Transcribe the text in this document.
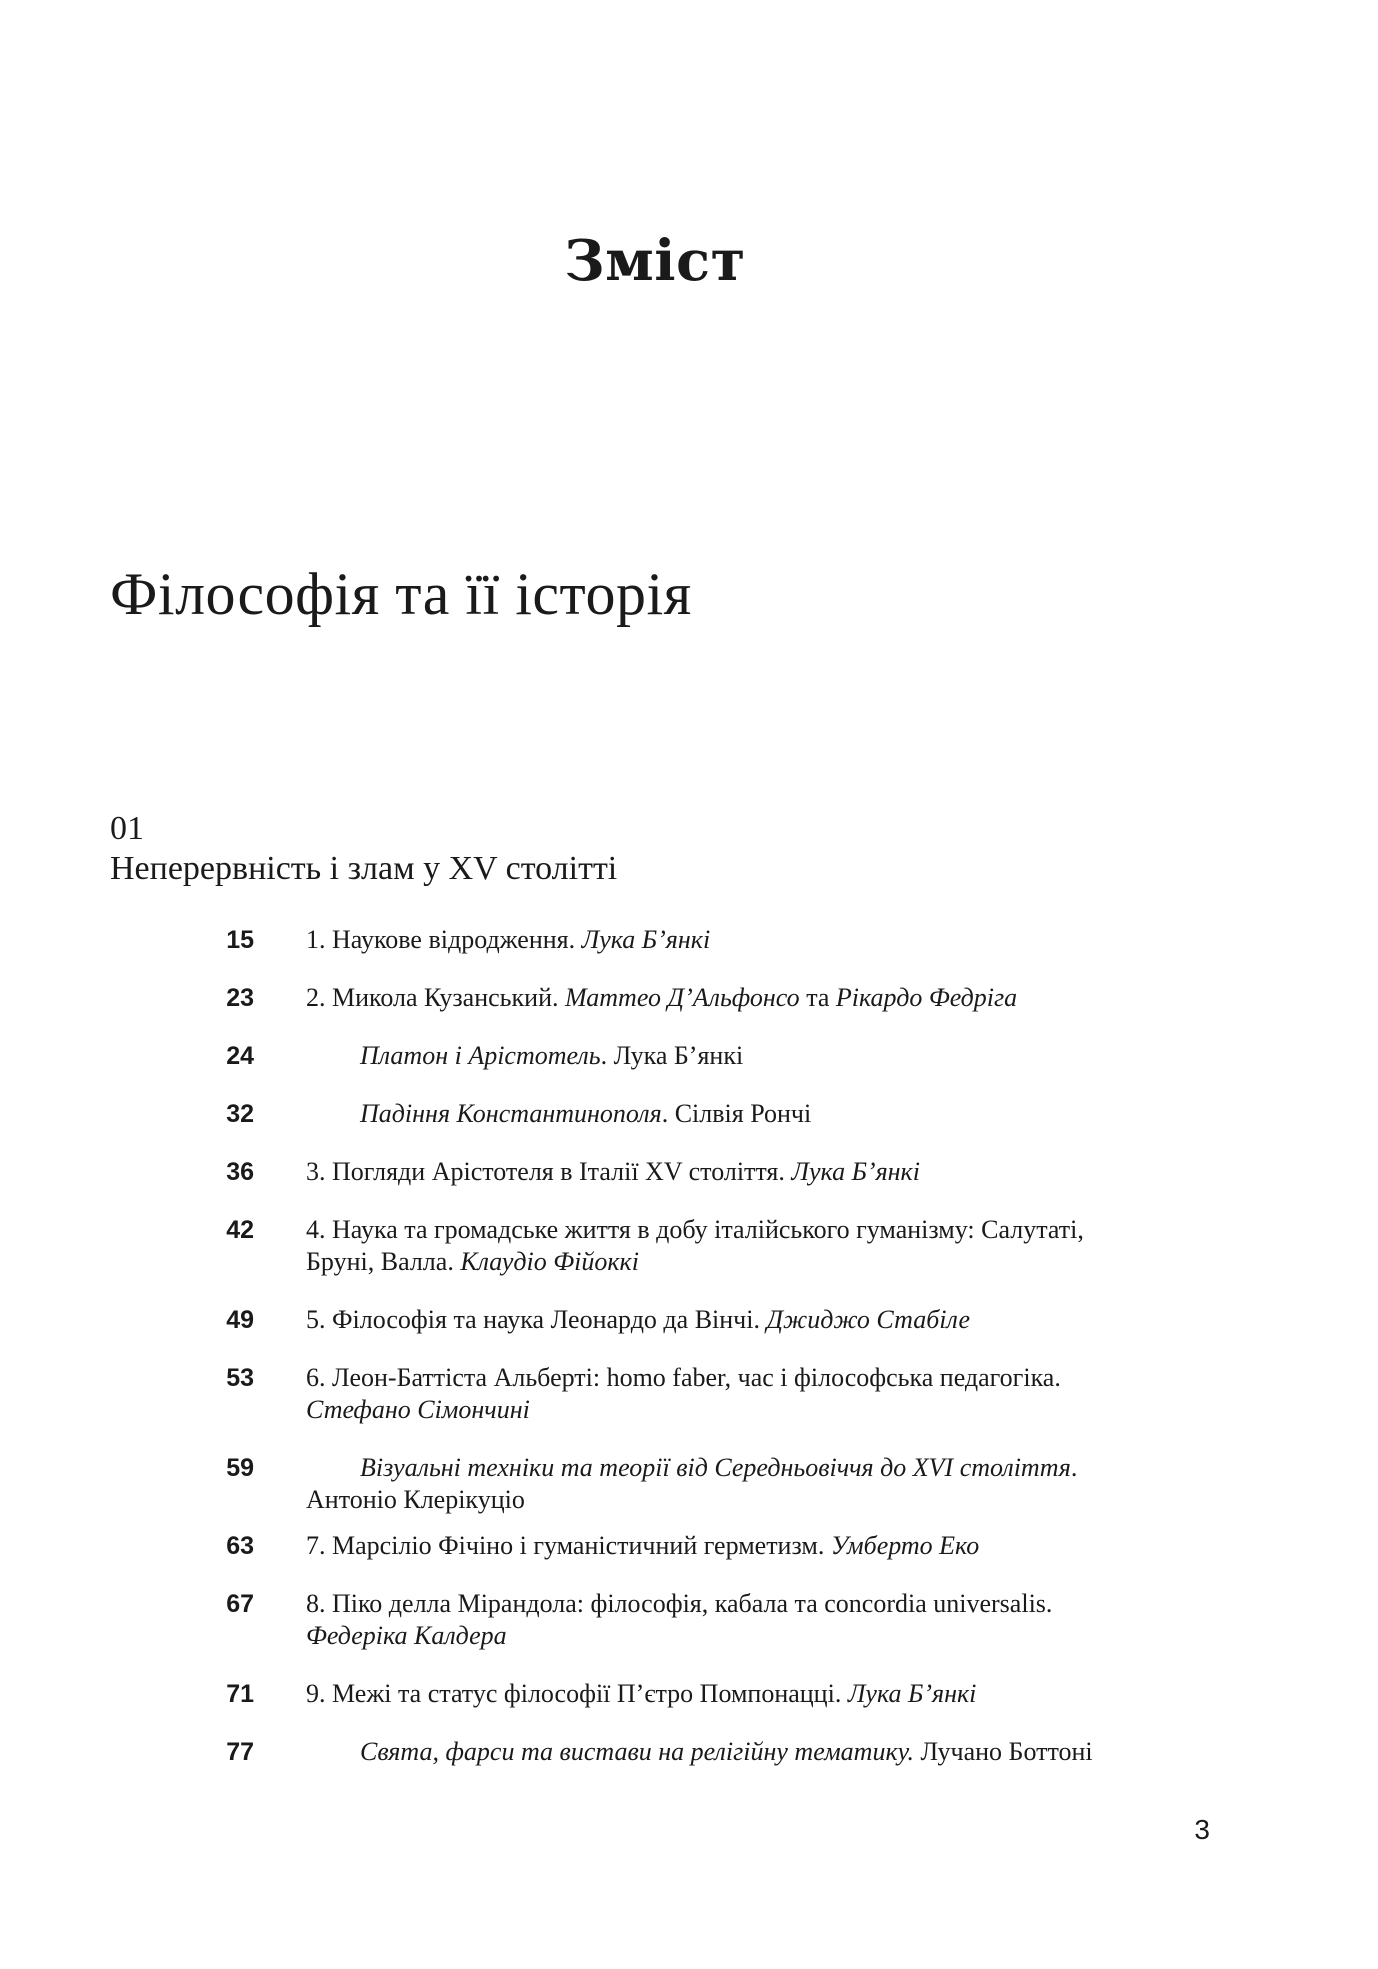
Зміст
Філософія та її історія
01
Неперервність і злам у XV столітті
15 1. Наукове відродження. Лука Б’янкі
23 2. Микола Кузанський. Маттео Д’Альфонсо та Рікардо Федріга
24	Платон і Арістотель. Лука Б’янкі
32	Падіння Константинополя. Сілвія Рончі
36 3. Погляди Арістотеля в Італії XV століття. Лука Б’янкі
42 4. Наука та громадське життя в добу італійського гуманізму: Салутаті,
Бруні, Валла. Клаудіо Фійоккі
49 5. Філософія та наука Леонардо да Вінчі. Джиджо Стабіле
53 6. Леон-Баттіста Альберті: homo faber, час і філософська педагогіка.
Стефано Сімончині
59	Візуальні техніки та теорії від Середньовіччя до XVI століття.
Антоніо Клерікуціо
63 7. Марсіліо Фічіно і гуманістичний герметизм. Умберто Еко
67 8. Піко делла Мірандола: філософія, кабала та concordia universalis.
Федеріка Калдера
71 9. Межі та статус філософії П’єтро Помпонацці. Лука Б’янкі
77	Свята, фарси та вистави на релігійну тематику. Лучано Боттоні
3
